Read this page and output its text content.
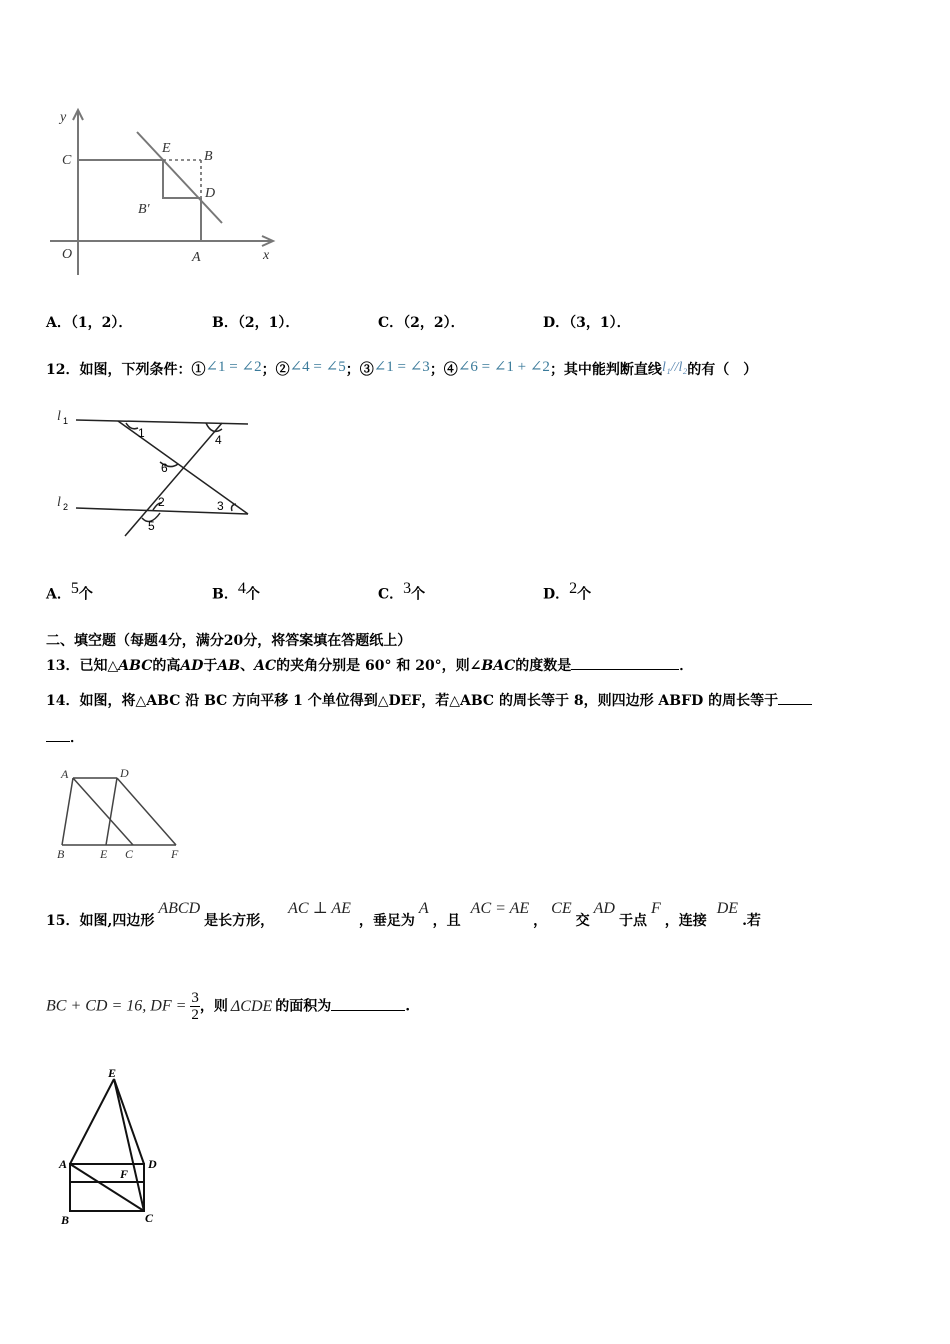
y
C
E
B
D
B′
O	A	x
A．（1，2）．	B．（2，1）．	C．（2，2）．	D．（3，1）．
12．如图，下列条件：①∠1 = ∠2；②∠4 = ∠5；③∠1 = ∠3；④∠6 = ∠1 + ∠2；其中能判断直线l₁//l₂的有（　）
l 1
l 2
1	4
6
2	3
5
A．5个	B．4个	C．3个	D．2个
二、填空题（每题4分，满分20分，将答案填在答题纸上）
13．已知△ABC的高AD于AB、AC的夹角分别是 60° 和 20°，则∠BAC的度数是	．
14．如图，将△ABC 沿 BC 方向平移 1 个单位得到△DEF，若△ABC 的周长等于 8，则四边形 ABFD 的周长等于
．
A	D
B	E C	F
15．如图,四边形ABCD是长方形，AC ⊥ AE，垂足为A，且AC = AE，CE交AD于点F，连接DE.若
BC + CD = 16, DF = $\frac{3}{2}$ ，则 ΔCDE 的面积为	.
E
A	D
F
B	C
